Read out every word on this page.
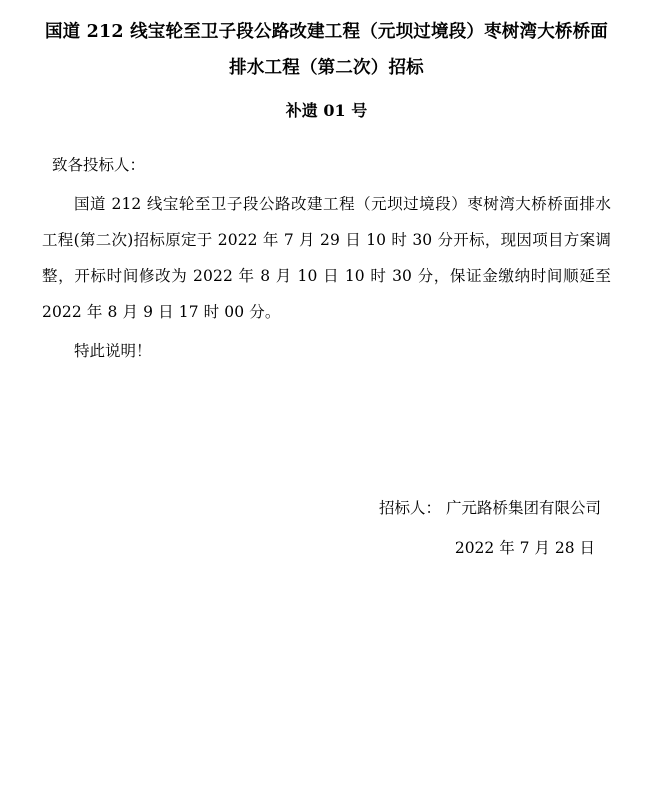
国道 212 线宝轮至卫子段公路改建工程（元坝过境段）枣树湾大桥桥面排水工程（第二次）招标
补遗 01 号
致各投标人：
国道 212 线宝轮至卫子段公路改建工程（元坝过境段）枣树湾大桥桥面排水工程(第二次)招标原定于 2022 年 7 月 29 日 10 时 30 分开标，现因项目方案调整，开标时间修改为 2022 年 8 月 10 日 10 时 30 分，保证金缴纳时间顺延至 2022 年 8 月 9 日 17 时 00 分。
特此说明！
招标人： 广元路桥集团有限公司
2022 年 7 月 28 日
